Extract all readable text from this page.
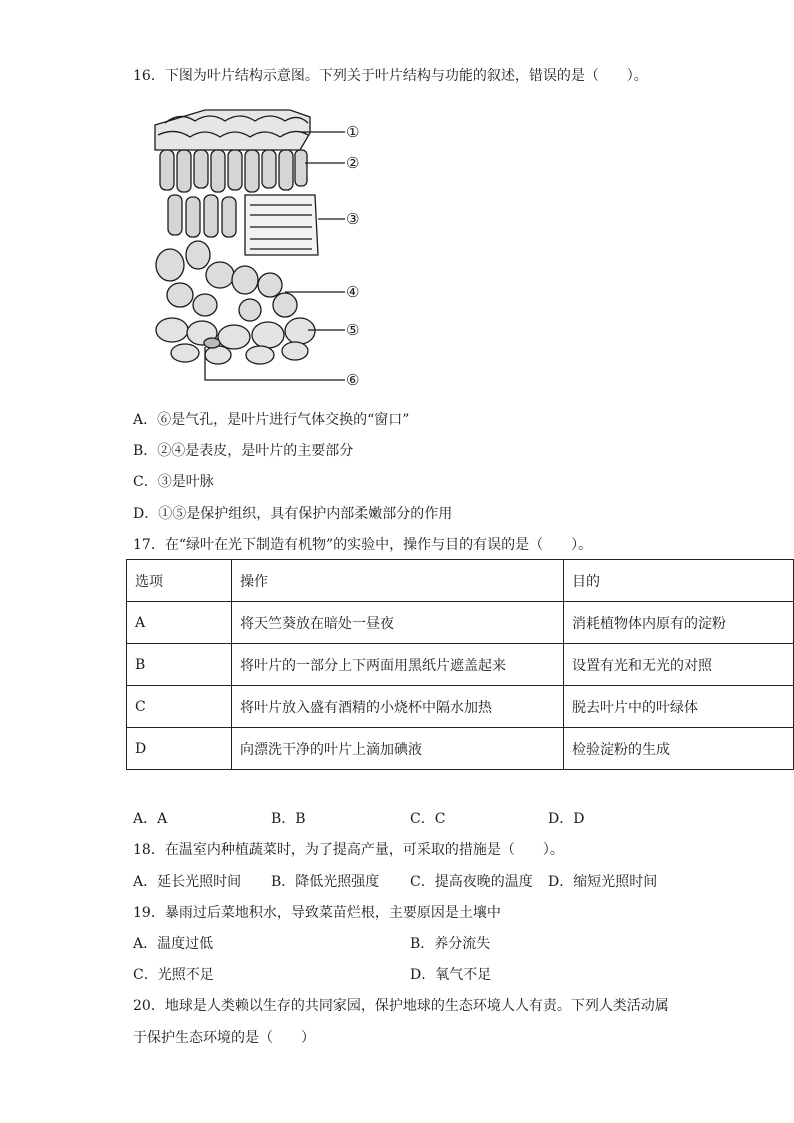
16．下图为叶片结构示意图。下列关于叶片结构与功能的叙述，错误的是（　　）。
①
②
③
④
⑤
⑥
A．⑥是气孔，是叶片进行气体交换的“窗口”
B．②④是表皮，是叶片的主要部分
C．③是叶脉
D．①⑤是保护组织，具有保护内部柔嫩部分的作用
17．在“绿叶在光下制造有机物”的实验中，操作与目的有误的是（　　）。
选项	操作	目的
A	将天竺葵放在暗处一昼夜	消耗植物体内原有的淀粉
B	将叶片的一部分上下两面用黑纸片遮盖起来	设置有光和无光的对照
C	将叶片放入盛有酒精的小烧杯中隔水加热	脱去叶片中的叶绿体
D	向漂洗干净的叶片上滴加碘液	检验淀粉的生成
A．A	B．B	C．C	D．D
18．在温室内种植蔬菜时，为了提高产量，可采取的措施是（　　）。
A．延长光照时间 B．降低光照强度 C．提高夜晚的温度 D．缩短光照时间
19．暴雨过后菜地积水，导致菜苗烂根，主要原因是土壤中
A．温度过低	B．养分流失
C．光照不足	D．氧气不足
20．地球是人类赖以生存的共同家园，保护地球的生态环境人人有责。下列人类活动属
于保护生态环境的是（　　）
